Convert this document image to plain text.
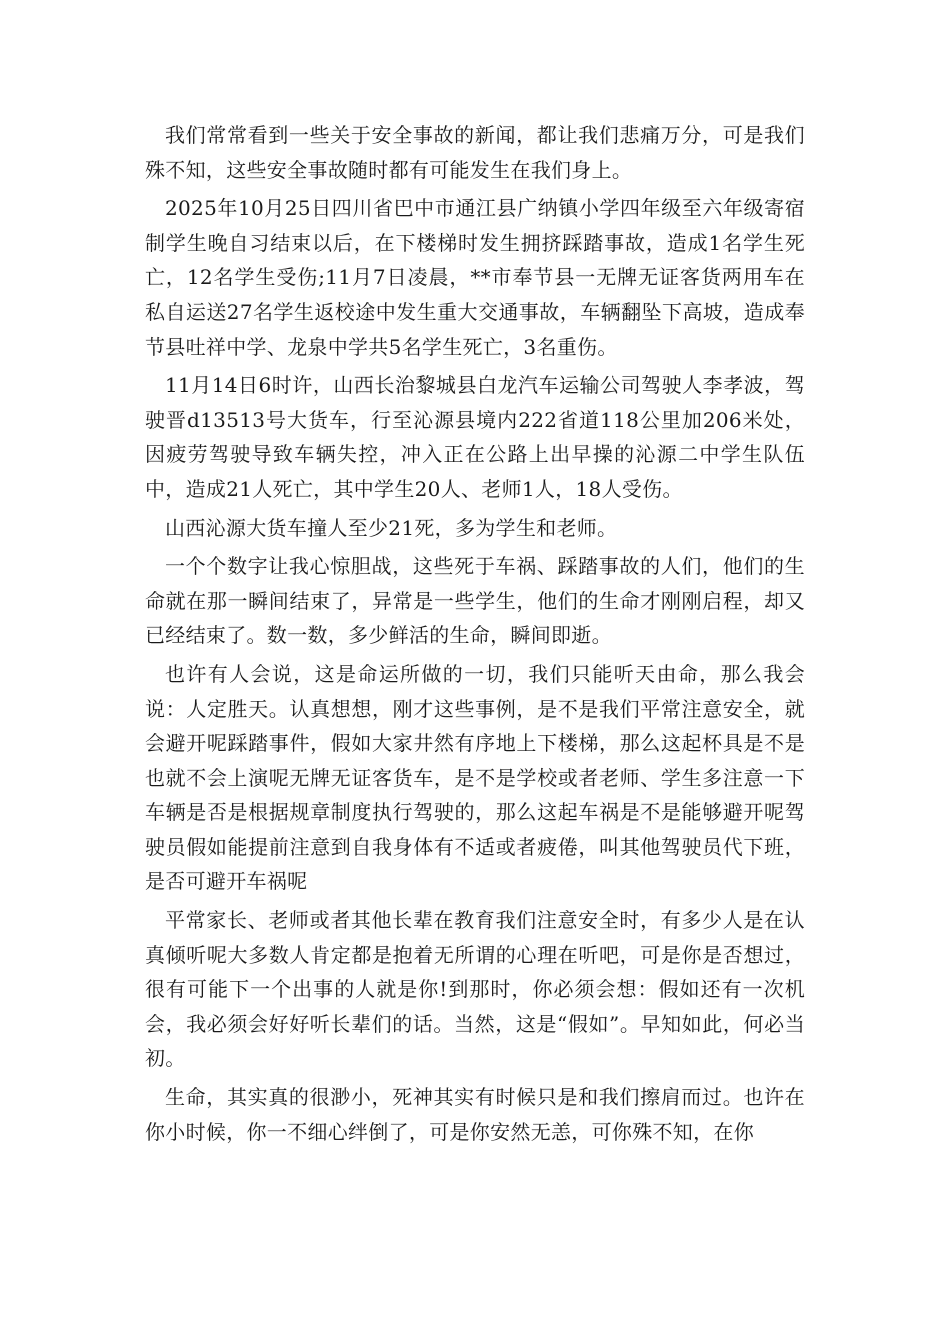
我们常常看到一些关于安全事故的新闻，都让我们悲痛万分，可是我们殊不知，这些安全事故随时都有可能发生在我们身上。

2025年10月25日四川省巴中市通江县广纳镇小学四年级至六年级寄宿制学生晚自习结束以后，在下楼梯时发生拥挤踩踏事故，造成1名学生死亡，12名学生受伤;11月7日凌晨，**市奉节县一无牌无证客货两用车在私自运送27名学生返校途中发生重大交通事故，车辆翻坠下高坡，造成奉节县吐祥中学、龙泉中学共5名学生死亡，3名重伤。

11月14日6时许，山西长治黎城县白龙汽车运输公司驾驶人李孝波，驾驶晋d13513号大货车，行至沁源县境内222省道118公里加206米处，因疲劳驾驶导致车辆失控，冲入正在公路上出早操的沁源二中学生队伍中，造成21人死亡，其中学生20人、老师1人，18人受伤。

山西沁源大货车撞人至少21死，多为学生和老师。

一个个数字让我心惊胆战，这些死于车祸、踩踏事故的人们，他们的生命就在那一瞬间结束了，异常是一些学生，他们的生命才刚刚启程，却又已经结束了。数一数，多少鲜活的生命，瞬间即逝。

也许有人会说，这是命运所做的一切，我们只能听天由命，那么我会说：人定胜天。认真想想，刚才这些事例，是不是我们平常注意安全，就会避开呢踩踏事件，假如大家井然有序地上下楼梯，那么这起杯具是不是也就不会上演呢无牌无证客货车，是不是学校或者老师、学生多注意一下车辆是否是根据规章制度执行驾驶的，那么这起车祸是不是能够避开呢驾驶员假如能提前注意到自我身体有不适或者疲倦，叫其他驾驶员代下班，是否可避开车祸呢

平常家长、老师或者其他长辈在教育我们注意安全时，有多少人是在认真倾听呢大多数人肯定都是抱着无所谓的心理在听吧，可是你是否想过，很有可能下一个出事的人就是你!到那时，你必须会想：假如还有一次机会，我必须会好好听长辈们的话。当然，这是“假如”。早知如此，何必当初。

生命，其实真的很渺小，死神其实有时候只是和我们擦肩而过。也许在你小时候，你一不细心绊倒了，可是你安然无恙，可你殊不知，在你
